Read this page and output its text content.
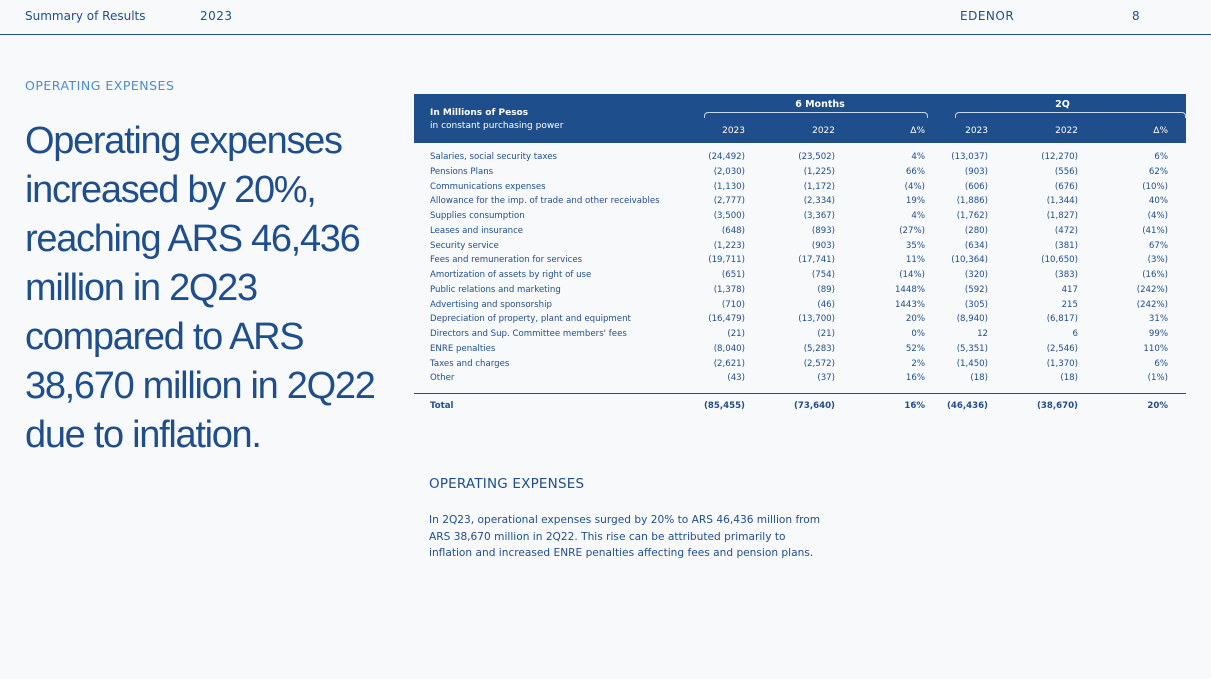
Summary of Results	2023	EDENOR	8
OPERATING EXPENSES
Operating expenses increased by 20%, reaching ARS 46,436 million in 2Q23 compared to ARS 38,670 million in 2Q22 due to inflation.
In Millions of Pesos
in constant purchasing power
6 Months	2Q
2023	2022	Δ%	2023	2022	Δ%
Salaries, social security taxes	(24,492)	(23,502)	4%	(13,037)	(12,270)	6%
Pensions Plans	(2,030)	(1,225)	66%	(903)	(556)	62%
Communications expenses	(1,130)	(1,172)	(4%)	(606)	(676)	(10%)
Allowance for the imp. of trade and other receivables	(2,777)	(2,334)	19%	(1,886)	(1,344)	40%
Supplies consumption	(3,500)	(3,367)	4%	(1,762)	(1,827)	(4%)
Leases and insurance	(648)	(893)	(27%)	(280)	(472)	(41%)
Security service	(1,223)	(903)	35%	(634)	(381)	67%
Fees and remuneration for services	(19,711)	(17,741)	11%	(10,364)	(10,650)	(3%)
Amortization of assets by right of use	(651)	(754)	(14%)	(320)	(383)	(16%)
Public relations and marketing	(1,378)	(89)	1448%	(592)	417	(242%)
Advertising and sponsorship	(710)	(46)	1443%	(305)	215	(242%)
Depreciation of property, plant and equipment	(16,479)	(13,700)	20%	(8,940)	(6,817)	31%
Directors and Sup. Committee members' fees	(21)	(21)	0%	12	6	99%
ENRE penalties	(8,040)	(5,283)	52%	(5,351)	(2,546)	110%
Taxes and charges	(2,621)	(2,572)	2%	(1,450)	(1,370)	6%
Other	(43)	(37)	16%	(18)	(18)	(1%)
Total	(85,455)	(73,640)	16%	(46,436)	(38,670)	20%
OPERATING EXPENSES

In 2Q23, operational expenses surged by 20% to ARS 46,436 million from ARS 38,670 million in 2Q22. This rise can be attributed primarily to inflation and increased ENRE penalties affecting fees and pension plans.
